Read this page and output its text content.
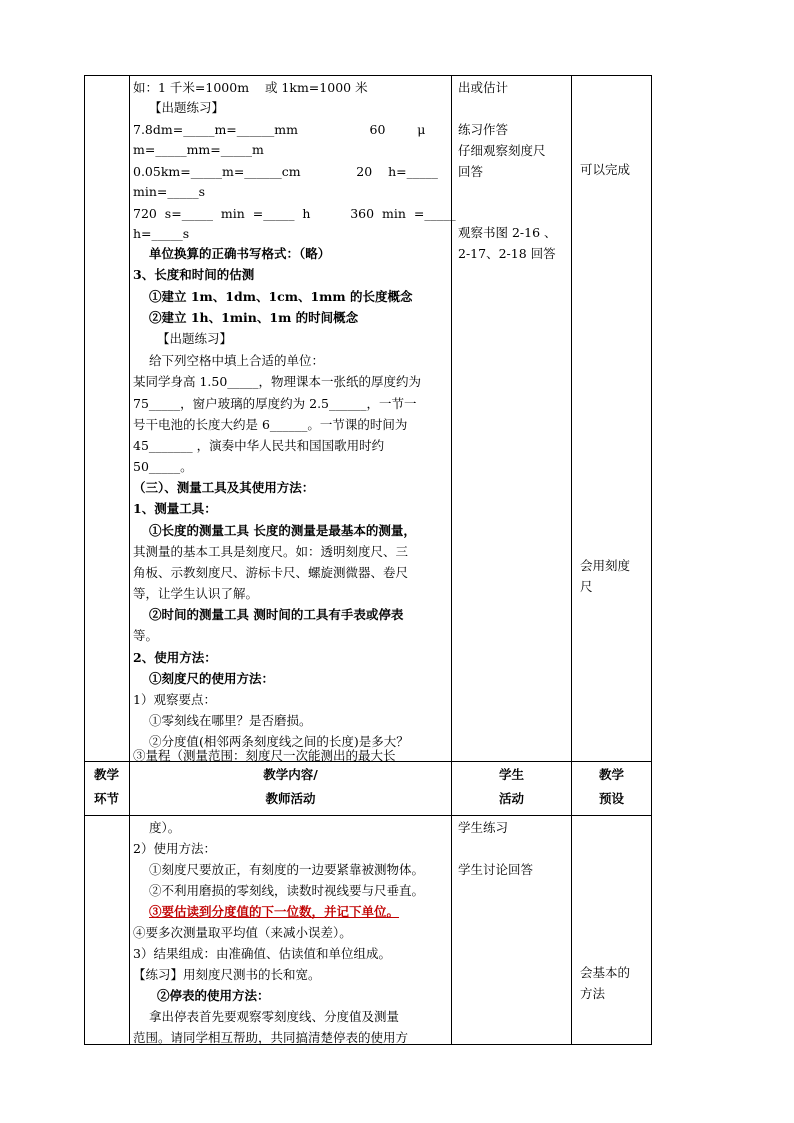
如：1 千米=1000m    或 1km=1000 米
【出题练习】
7.8dm=_____m=______mm                  60        μ
m=_____mm=_____m
0.05km=_____m=______cm              20    h=_____
min=_____s
720  s=_____  min  =_____  h          360  min  =_____
h=_____s
单位换算的正确书写格式：（略）
3、长度和时间的估测
①建立 1m、1dm、1cm、1mm 的长度概念
②建立 1h、1min、1m 的时间概念
【出题练习】
给下列空格中填上合适的单位：
某同学身高 1.50_____，物理课本一张纸的厚度约为
75_____，窗户玻璃的厚度约为 2.5______，一节一
号干电池的长度大约是 6______。一节课的时间为
45_______ ，演奏中华人民共和国国歌用时约
50_____。
（三）、测量工具及其使用方法：
1、测量工具：
①长度的测量工具 长度的测量是最基本的测量，
其测量的基本工具是刻度尺。如：透明刻度尺、三
角板、示教刻度尺、游标卡尺、螺旋测微器、卷尺
等，让学生认识了解。
②时间的测量工具 测时间的工具有手表或停表
等。
2、使用方法：
①刻度尺的使用方法：
1）观察要点：
①零刻线在哪里？是否磨损。
②分度值(相邻两条刻度线之间的长度)是多大？
③量程（测量范围：刻度尺一次能测出的最大长
出或估计
练习作答
仔细观察刻度尺
回答
观察书图 2-16 、
2-17、2-18 回答
可以完成
会用刻度
尺
教学
环节
教学内容/
教师活动
学生
活动
教学
预设
度）。
2）使用方法：
①刻度尺要放正，有刻度的一边要紧靠被测物体。
②不利用磨损的零刻线，读数时视线要与尺垂直。
③要估读到分度值的下一位数，并记下单位。
④要多次测量取平均值（来减小误差）。
3）结果组成：由准确值、估读值和单位组成。
【练习】用刻度尺测书的长和宽。
②停表的使用方法：
拿出停表首先要观察零刻度线、分度值及测量
范围。请同学相互帮助，共同搞清楚停表的使用方
学生练习
学生讨论回答
会基本的
方法
